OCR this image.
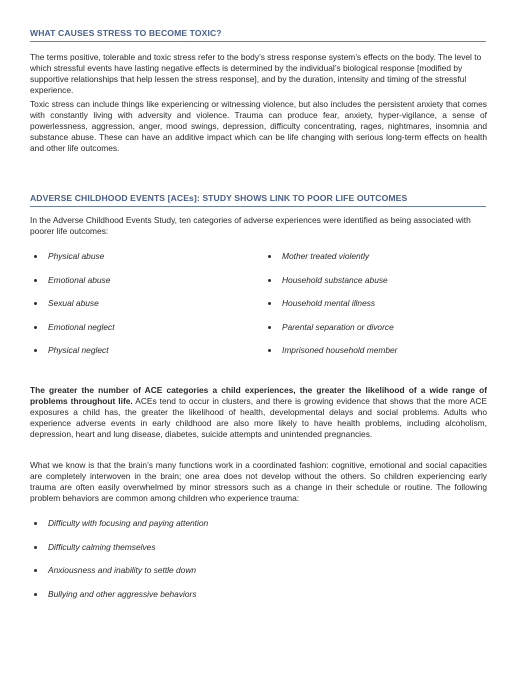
WHAT CAUSES STRESS TO BECOME TOXIC?

The terms positive, tolerable and toxic stress refer to the body’s stress response system’s effects on the body. The level to which stressful events have lasting negative effects is determined by the individual’s biological response [modified by supportive relationships that help lessen the stress response], and by the duration, intensity and timing of the stressful experience.

Toxic stress can include things like experiencing or witnessing violence, but also includes the persistent anxiety that comes with constantly living with adversity and violence. Trauma can produce fear, anxiety, hyper-vigilance, a sense of powerlessness, aggression, anger, mood swings, depression, difficulty concentrating, rages, nightmares, insomnia and substance abuse. These can have an additive impact which can be life changing with serious long-term effects on health and other life outcomes.

ADVERSE CHILDHOOD EVENTS [ACEs]: STUDY SHOWS LINK TO POOR LIFE OUTCOMES

In the Adverse Childhood Events Study, ten categories of adverse experiences were identified as being associated with poorer life outcomes:

Physical abuse
Emotional abuse
Sexual abuse
Emotional neglect
Physical neglect
Mother treated violently
Household substance abuse
Household mental illness
Parental separation or divorce
Imprisoned household member

The greater the number of ACE categories a child experiences, the greater the likelihood of a wide range of problems throughout life. ACEs tend to occur in clusters, and there is growing evidence that shows that the more ACE exposures a child has, the greater the likelihood of health, developmental delays and social problems. Adults who experience adverse events in early childhood are also more likely to have health problems, including alcoholism, depression, heart and lung disease, diabetes, suicide attempts and unintended pregnancies.

What we know is that the brain’s many functions work in a coordinated fashion: cognitive, emotional and social capacities are completely interwoven in the brain; one area does not develop without the others. So children experiencing early trauma are often easily overwhelmed by minor stressors such as a change in their schedule or routine. The following problem behaviors are common among children who experience trauma:

Difficulty with focusing and paying attention
Difficulty calming themselves
Anxiousness and inability to settle down
Bullying and other aggressive behaviors
